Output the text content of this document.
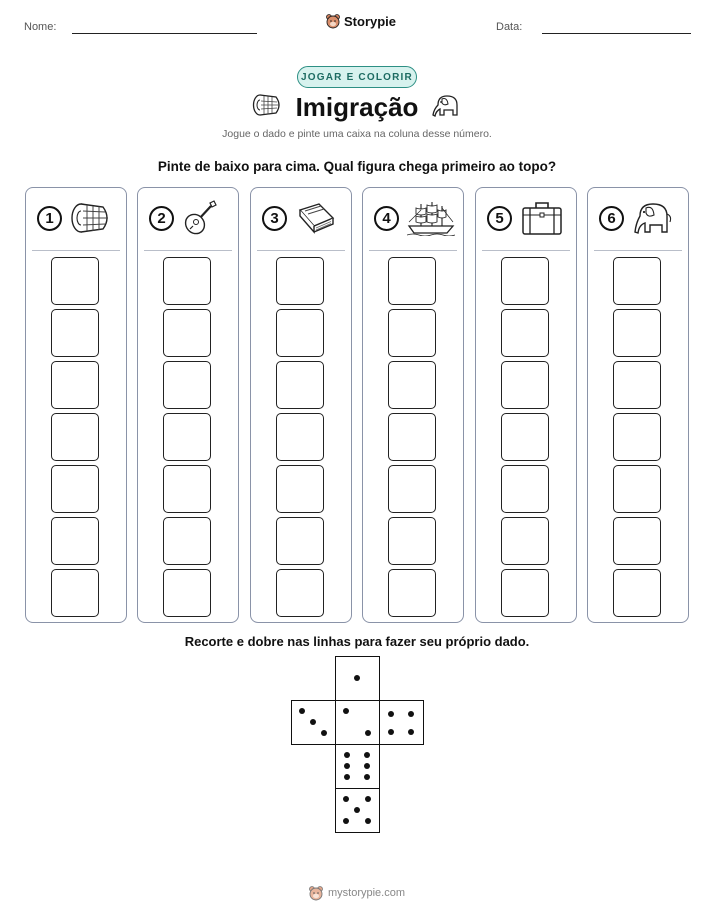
Nome:	Storypie	Data:
JOGAR E COLORIR
Imigração
Jogue o dado e pinte uma caixa na coluna desse número.
Pinte de baixo para cima. Qual figura chega primeiro ao topo?
1	2	3	4	5	6
Recorte e dobre nas linhas para fazer seu próprio dado.
mystorypie.com
